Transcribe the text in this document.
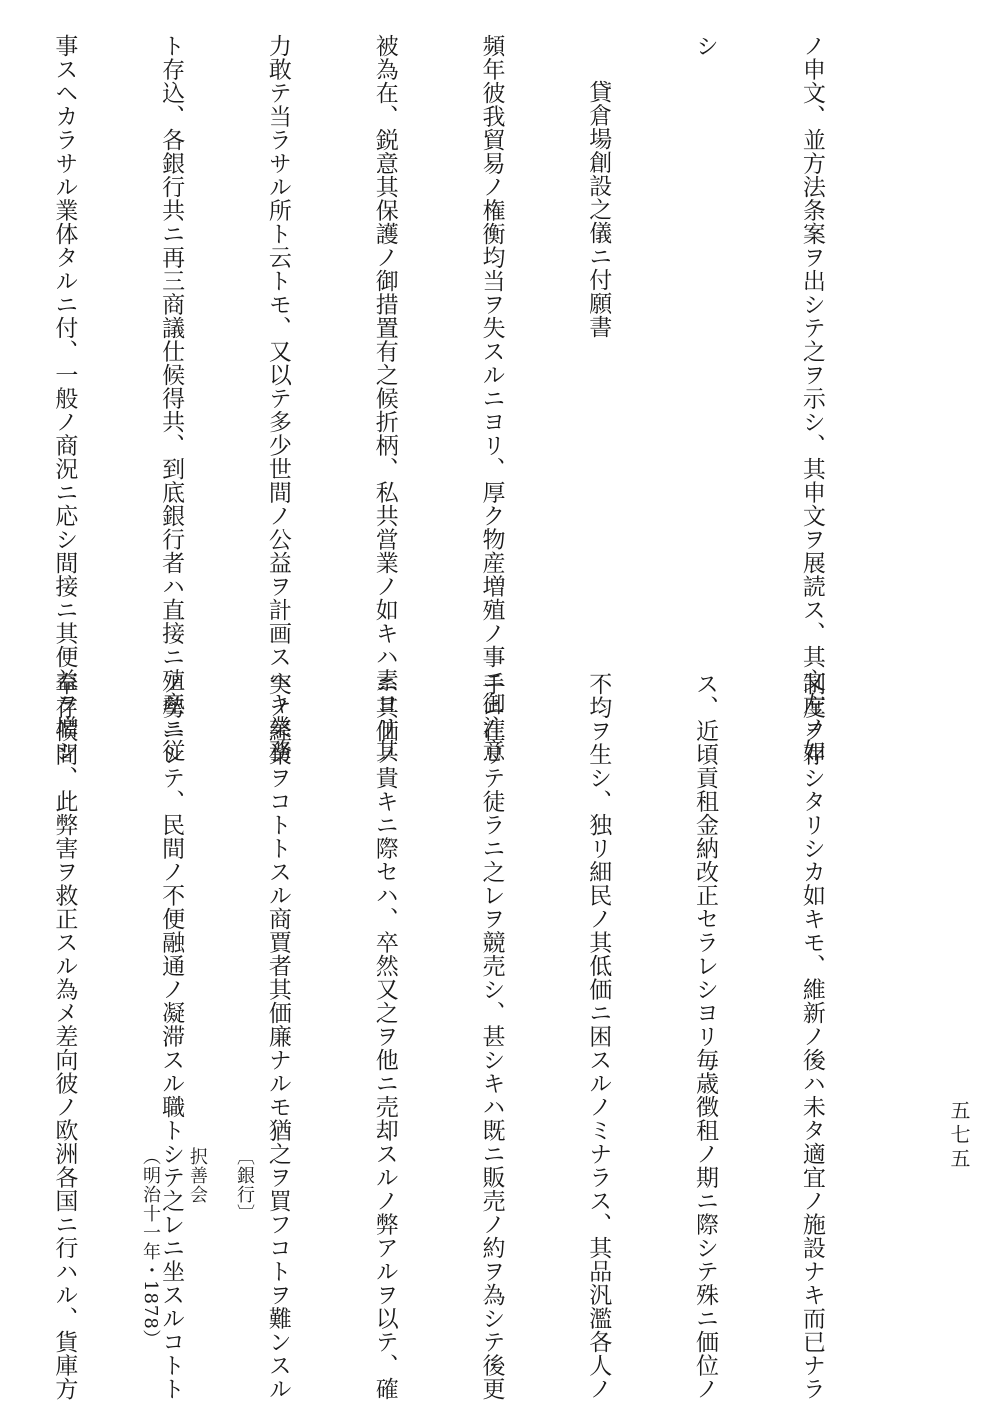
ノ申文、並方法条案ヲ出シテ之ヲ示シ、其申文ヲ展読ス、其文左ノ如

シ

貸倉場創設之儀ニ付願書

頻年彼我貿易ノ権衡均当ヲ失スルニヨリ、厚ク物産増殖ノ事ニ御注意

被為在、鋭意其保護ノ御措置有之候折柄、私共営業ノ如キハ素ヨリ其

力敢テ当ラサル所ト云トモ、又以テ多少世間ノ公益ヲ計画スヘキ業務

ト存込、各銀行共ニ再三商議仕候得共、到底銀行者ハ直接ニ殖産ニ従

事スヘカラサル業体タルニ付、一般ノ商況ニ応シ間接ニ其便益ヲ増シ

制度ヲ存シタリシカ如キモ、維新ノ後ハ未タ適宜ノ施設ナキ而已ナラ

ス、近頃貢租金納改正セラレシヨリ毎歳徴租ノ期ニ際シテ殊ニ価位ノ

不均ヲ生シ、独リ細民ノ其低価ニ困スルノミナラス、其品汎濫各人ノ

手ニ在リテ徒ラニ之レヲ競売シ、甚シキハ既ニ販売ノ約ヲ為シテ後更

ニ其価ノ貴キニ際セハ、卒然又之ヲ他ニ売却スルノ弊アルヲ以テ、確

実ノ経業ヲコトトスル商賈者其価廉ナルモ猶之ヲ買フコトヲ難ンスル

ノ勢ニシテ、民間ノ不便融通ノ凝滞スル職トシテ之レニ坐スルコトト

奉存候間、此弊害ヲ救正スル為メ差向彼ノ欧洲各国ニ行ハル、貨庫方

	五七五

〔銀行〕

択善会

（明治十一年・1878）
